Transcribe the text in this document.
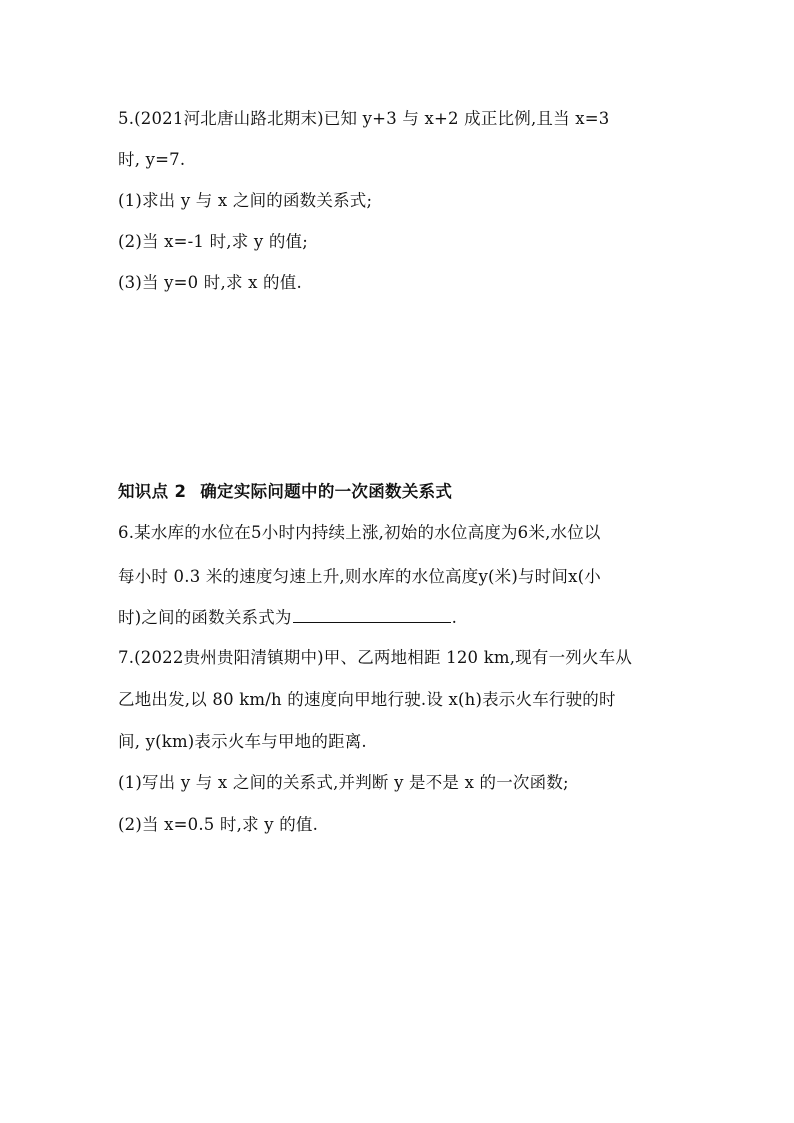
5.(2021河北唐山路北期末)已知 y+3 与 x+2 成正比例,且当 x=3
时, y=7.
(1)求出 y 与 x 之间的函数关系式;
(2)当 x=-1 时,求 y 的值;
(3)当 y=0 时,求 x 的值.
知识点 2 确定实际问题中的一次函数关系式
6.某水库的水位在5小时内持续上涨,初始的水位高度为6米,水位以
每小时 0.3 米的速度匀速上升,则水库的水位高度y(米)与时间x(小
时)之间的函数关系式为	.
7.(2022贵州贵阳清镇期中)甲、乙两地相距 120 km,现有一列火车从
乙地出发,以 80 km/h 的速度向甲地行驶.设 x(h)表示火车行驶的时
间, y(km)表示火车与甲地的距离.
(1)写出 y 与 x 之间的关系式,并判断 y 是不是 x 的一次函数;
(2)当 x=0.5 时,求 y 的值.
